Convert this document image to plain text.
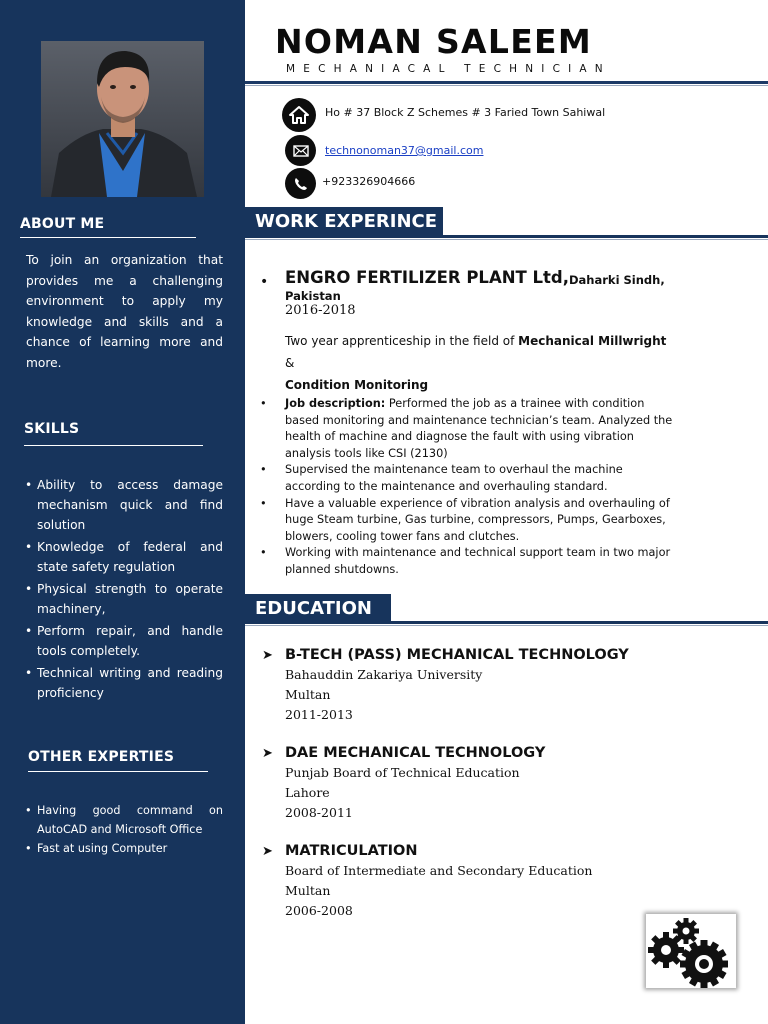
ABOUT ME
To join an organization that provides me a challenging environment to apply my knowledge and skills and a chance of learning more and more.
SKILLS
• Ability to access damage mechanism quick and find solution
• Knowledge of federal and state safety regulation
• Physical strength to operate machinery,
• Perform repair, and handle tools completely.
• Technical writing and reading proficiency
OTHER EXPERTIES
• Having good command on AutoCAD and Microsoft Office
• Fast at using Computer
NOMAN SALEEM
MECHANIACAL TECHNICIAN
Ho # 37 Block Z Schemes # 3 Faried Town Sahiwal
technonoman37@gmail.com
+923326904666
WORK EXPERINCE
• ENGRO FERTILIZER PLANT Ltd, Daharki Sindh,
Pakistan
2016-2018
Two year apprenticeship in the field of Mechanical Millwright &
Condition Monitoring
• Job description: Performed the job as a trainee with condition based monitoring and maintenance technician’s team. Analyzed the health of machine and diagnose the fault with using vibration analysis tools like CSI (2130)
• Supervised the maintenance team to overhaul the machine according to the maintenance and overhauling standard.
• Have a valuable experience of vibration analysis and overhauling of huge Steam turbine, Gas turbine, compressors, Pumps, Gearboxes, blowers, cooling tower fans and clutches.
• Working with maintenance and technical support team in two major planned shutdowns.
EDUCATION
➤ B-TECH (PASS) MECHANICAL TECHNOLOGY
Bahauddin Zakariya University
Multan
2011-2013
➤ DAE MECHANICAL TECHNOLOGY
Punjab Board of Technical Education
Lahore
2008-2011
➤ MATRICULATION
Board of Intermediate and Secondary Education
Multan
2006-2008
